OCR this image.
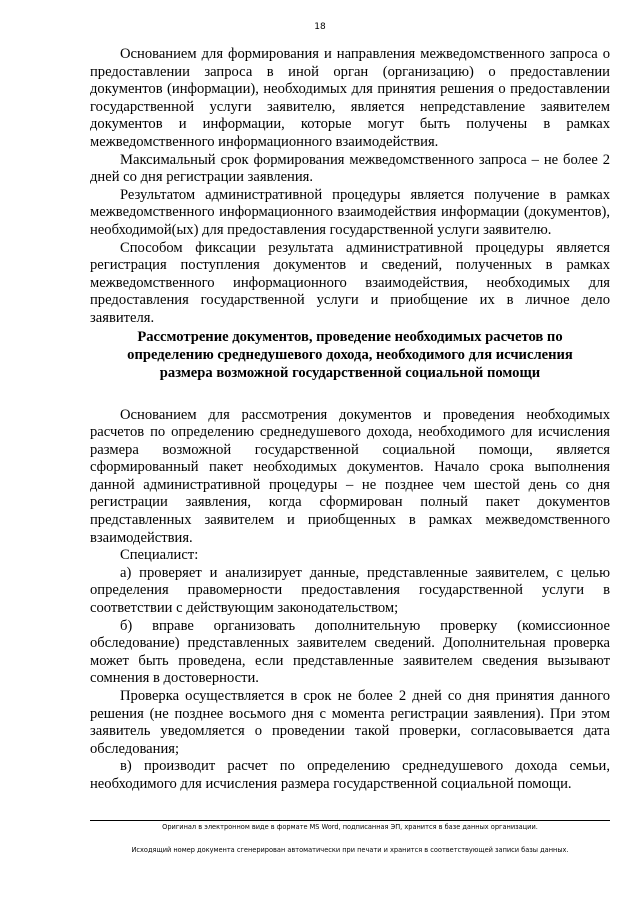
18

Основанием для формирования и направления межведомственного запроса о предоставлении запроса в иной орган (организацию) о предоставлении документов (информации), необходимых для принятия решения о предоставлении государственной услуги заявителю, является непредставление заявителем документов и информации, которые могут быть получены в рамках межведомственного информационного взаимодействия.

Максимальный срок формирования межведомственного запроса – не более 2 дней со дня регистрации заявления.

Результатом административной процедуры является получение в рамках межведомственного информационного взаимодействия информации (документов), необходимой(ых) для предоставления государственной услуги заявителю.

Способом фиксации результата административной процедуры является регистрация поступления документов и сведений, полученных в рамках межведомственного информационного взаимодействия, необходимых для предоставления государственной услуги и приобщение их в личное дело заявителя.

Рассмотрение документов, проведение необходимых расчетов по
определению среднедушевого дохода, необходимого для исчисления
размера возможной государственной социальной помощи

Основанием для рассмотрения документов и проведения необходимых расчетов по определению среднедушевого дохода, необходимого для исчисления размера возможной государственной социальной помощи, является сформированный пакет необходимых документов. Начало срока выполнения данной административной процедуры – не позднее чем шестой день со дня регистрации заявления, когда сформирован полный пакет документов представленных заявителем и приобщенных в рамках межведомственного взаимодействия.

Специалист:

а) проверяет и анализирует данные, представленные заявителем, с целью определения правомерности предоставления государственной услуги в соответствии с действующим законодательством;

б) вправе организовать дополнительную проверку (комиссионное обследование) представленных заявителем сведений. Дополнительная проверка может быть проведена, если представленные заявителем сведения вызывают сомнения в достоверности.

Проверка осуществляется в срок не более 2 дней со дня принятия данного решения (не позднее восьмого дня с момента регистрации заявления). При этом заявитель уведомляется о проведении такой проверки, согласовывается дата обследования;

в) производит расчет по определению среднедушевого дохода семьи, необходимого для исчисления размера государственной социальной помощи.

Оригинал в электронном виде в формате MS Word, подписанная ЭП, хранится в базе данных организации.
Исходящий номер документа сгенерирован автоматически при печати и хранится в соответствующей записи базы данных.
